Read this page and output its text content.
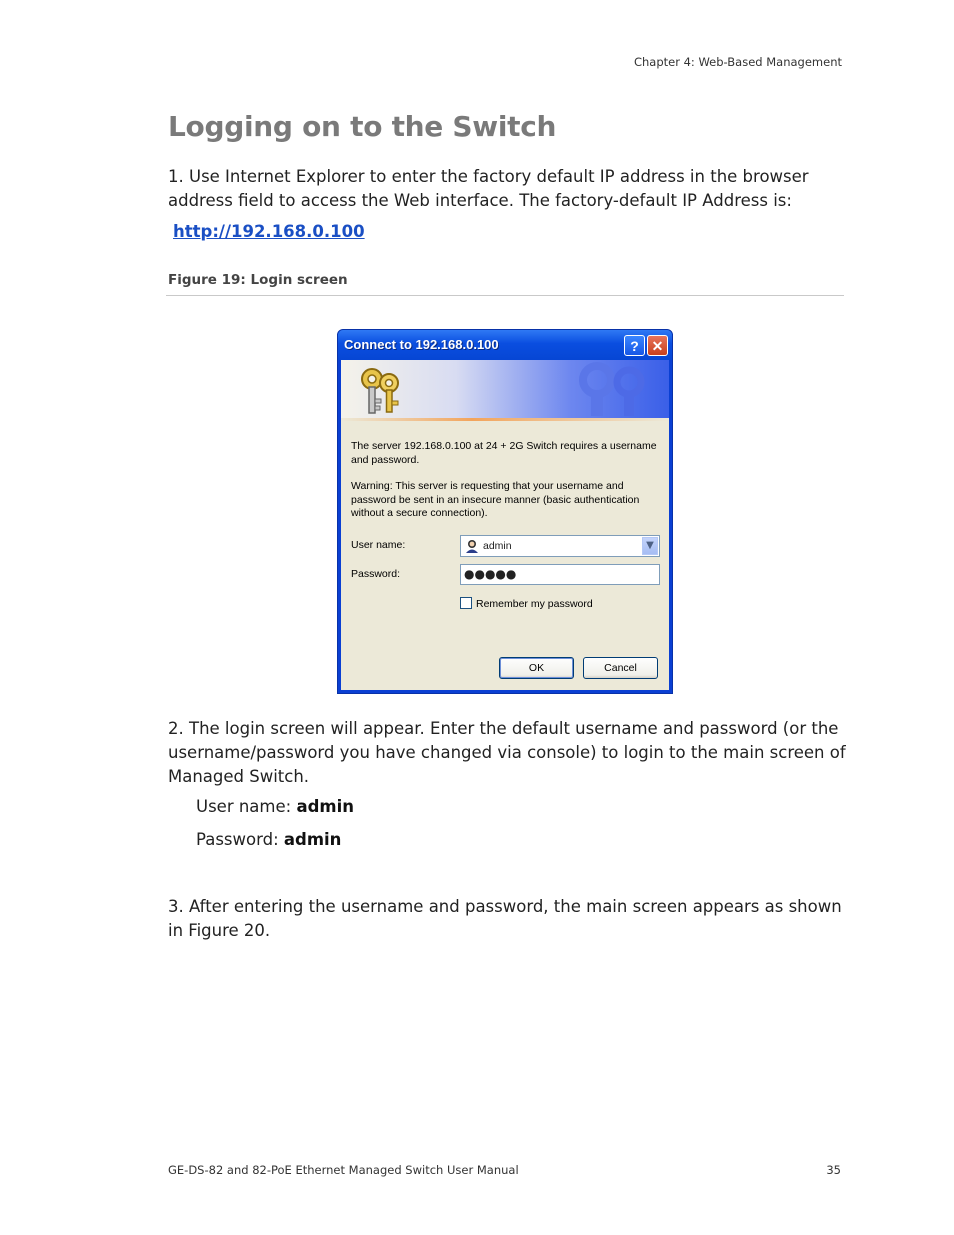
Chapter 4: Web-Based Management
Logging on to the Switch
1. Use Internet Explorer to enter the factory default IP address in the browser address field to access the Web interface. The factory-default IP Address is:
http://192.168.0.100
Figure 19: Login screen
Connect to 192.168.0.100	? ✕
The server 192.168.0.100 at 24 + 2G Switch requires a username and password.
Warning: This server is requesting that your username and password be sent in an insecure manner (basic authentication without a secure connection).
User name:	admin	▼
Password:	●●●●●
Remember my password
OK	Cancel
2. The login screen will appear. Enter the default username and password (or the username/password you have changed via console) to login to the main screen of Managed Switch.
User name: admin
Password: admin
3. After entering the username and password, the main screen appears as shown in Figure 20.
GE-DS-82 and 82-PoE Ethernet Managed Switch User Manual	35
